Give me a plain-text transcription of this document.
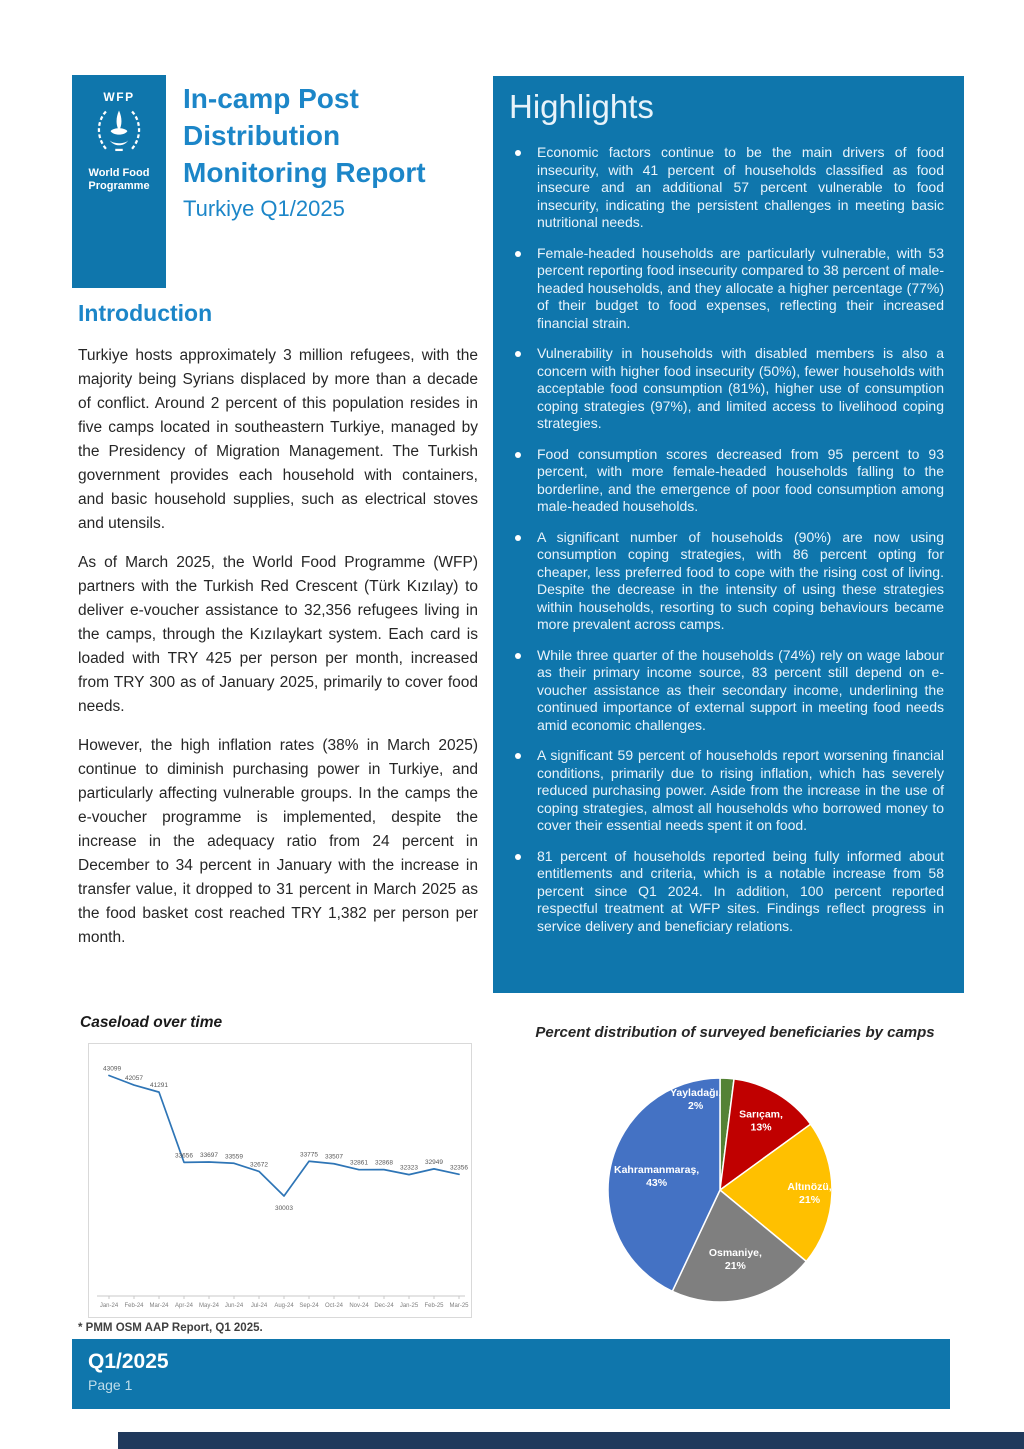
WFP
World Food
Programme
In-camp Post
Distribution
Monitoring Report
Turkiye Q1/2025
Introduction

Turkiye hosts approximately 3 million refugees, with the majority being Syrians displaced by more than a decade of conflict. Around 2 percent of this population resides in five camps located in southeastern Turkiye, managed by the Presidency of Migration Management. The Turkish government provides each household with containers, and basic household supplies, such as electrical stoves and utensils.

As of March 2025, the World Food Programme (WFP) partners with the Turkish Red Crescent (Türk Kızılay) to deliver e-voucher assistance to 32,356 refugees living in the camps, through the Kızılaykart system. Each card is loaded with TRY 425 per person per month, increased from TRY 300 as of January 2025, primarily to cover food needs.

However, the high inflation rates (38% in March 2025) continue to diminish purchasing power in Turkiye, and particularly affecting vulnerable groups. In the camps the e-voucher programme is implemented, despite the increase in the adequacy ratio from 24 percent in December to 34 percent in January with the increase in transfer value, it dropped to 31 percent in March 2025 as the food basket cost reached TRY 1,382 per person per month.

Highlights
Economic factors continue to be the main drivers of food insecurity, with 41 percent of households classified as food insecure and an additional 57 percent vulnerable to food insecurity, indicating the persistent challenges in meeting basic nutritional needs.
Female-headed households are particularly vulnerable, with 53 percent reporting food insecurity compared to 38 percent of male-headed households, and they allocate a higher percentage (77%) of their budget to food expenses, reflecting their increased financial strain.
Vulnerability in households with disabled members is also a concern with higher food insecurity (50%), fewer households with acceptable food consumption (81%), higher use of consumption coping strategies (97%), and limited access to livelihood coping strategies.
Food consumption scores decreased from 95 percent to 93 percent, with more female-headed households falling to the borderline, and the emergence of poor food consumption among male-headed households.
A significant number of households (90%) are now using consumption coping strategies, with 86 percent opting for cheaper, less preferred food to cope with the rising cost of living. Despite the decrease in the intensity of using these strategies within households, resorting to such coping behaviours became more prevalent across camps.
While three quarter of the households (74%) rely on wage labour as their primary income source, 83 percent still depend on e-voucher assistance as their secondary income, underlining the continued importance of external support in meeting food needs amid economic challenges.
A significant 59 percent of households report worsening financial conditions, primarily due to rising inflation, which has severely reduced purchasing power. Aside from the increase in the use of coping strategies, almost all households who borrowed money to cover their essential needs spent it on food.
81 percent of households reported being fully informed about entitlements and criteria, which is a notable increase from 58 percent since Q1 2024. In addition, 100 percent reported respectful treatment at WFP sites. Findings reflect progress in service delivery and beneficiary relations.
Caseload over time
Jan-24 Feb-24 Mar-24 Apr-24 May-24 Jun-24 Jul-24 Aug-24 Sep-24 Oct-24 Nov-24 Dec-24 Jan-25 Feb-25 Mar-25
43099
42057
41291
33656 33697 33559
32672
30003
33775 33507
32861 32868
32323
32949
32356
* PMM OSM AAP Report, Q1 2025.
Percent distribution of surveyed beneficiaries by camps
Yayladağı, 2%
Sarıçam, 13%
Altınözü, 21%
Osmaniye, 21%
Kahramanmaraş, 43%
Q1/2025
Page 1
